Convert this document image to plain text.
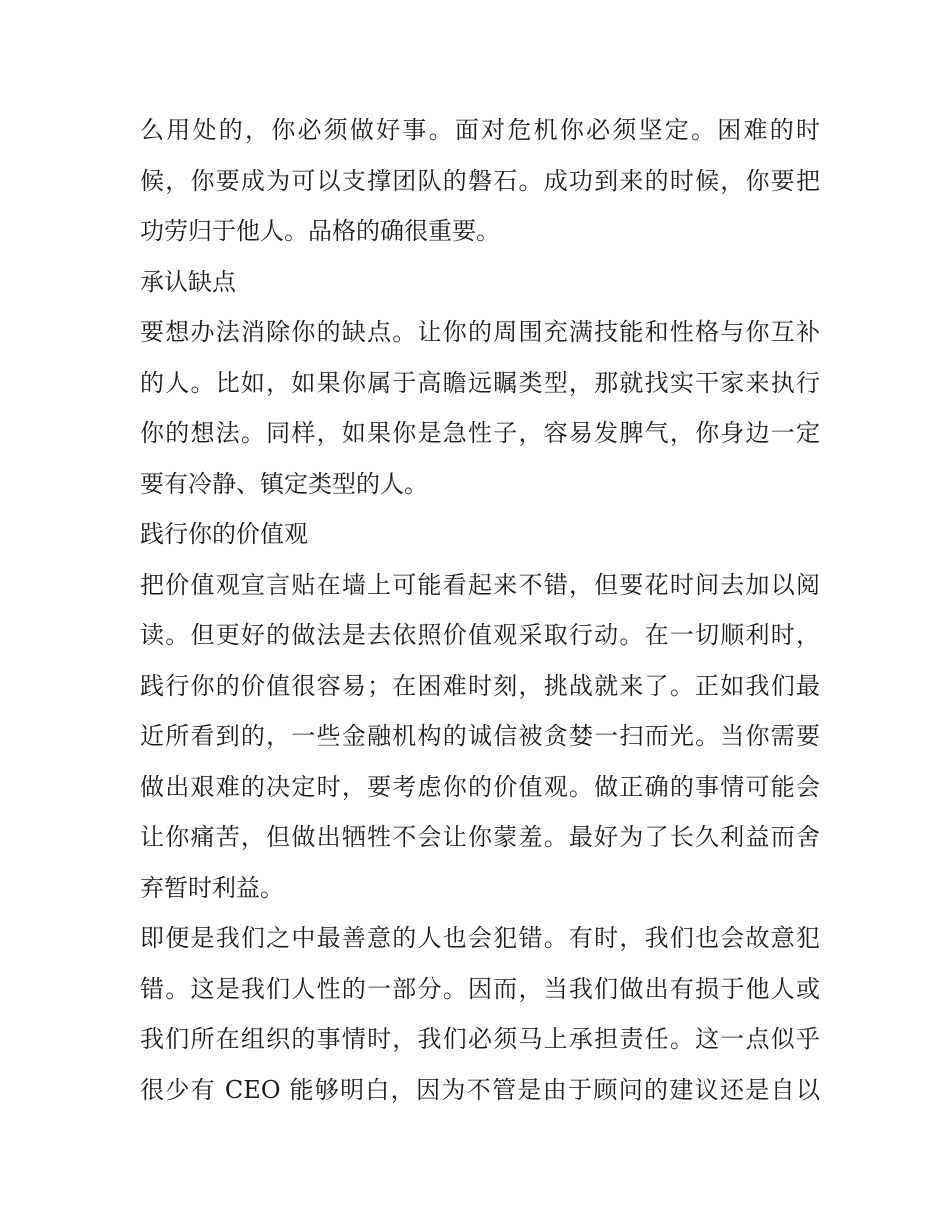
么用处的，你必须做好事。面对危机你必须坚定。困难的时
候，你要成为可以支撑团队的磐石。成功到来的时候，你要把
功劳归于他人。品格的确很重要。
承认缺点
要想办法消除你的缺点。让你的周围充满技能和性格与你互补
的人。比如，如果你属于高瞻远瞩类型，那就找实干家来执行
你的想法。同样，如果你是急性子，容易发脾气，你身边一定
要有冷静、镇定类型的人。
践行你的价值观
把价值观宣言贴在墙上可能看起来不错，但要花时间去加以阅
读。但更好的做法是去依照价值观采取行动。在一切顺利时，
践行你的价值很容易；在困难时刻，挑战就来了。正如我们最
近所看到的，一些金融机构的诚信被贪婪一扫而光。当你需要
做出艰难的决定时，要考虑你的价值观。做正确的事情可能会
让你痛苦，但做出牺牲不会让你蒙羞。最好为了长久利益而舍
弃暂时利益。
即便是我们之中最善意的人也会犯错。有时，我们也会故意犯
错。这是我们人性的一部分。因而，当我们做出有损于他人或
我们所在组织的事情时，我们必须马上承担责任。这一点似乎
很少有 CEO 能够明白，因为不管是由于顾问的建议还是自以
